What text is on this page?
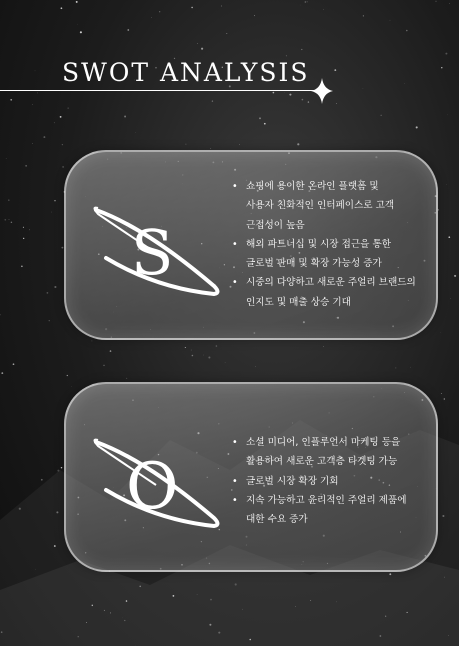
SWOT ANALYSIS
S
• 쇼핑에 용이한 온라인 플랫폼 및
사용자 친화적인 인터페이스로 고객
근접성이 높음
• 해외 파트너십 및 시장 접근을 통한
글로벌 판매 및 확장 가능성 증가
• 시중의 다양하고 새로운 주얼리 브랜드의
인지도 및 매출 상승 기대
O
• 소셜 미디어, 인플루언서 마케팅 등을
활용하여 새로운 고객층 타겟팅 가능
• 글로벌 시장 확장 기회
• 지속 가능하고 윤리적인 주얼리 제품에
대한 수요 증가
